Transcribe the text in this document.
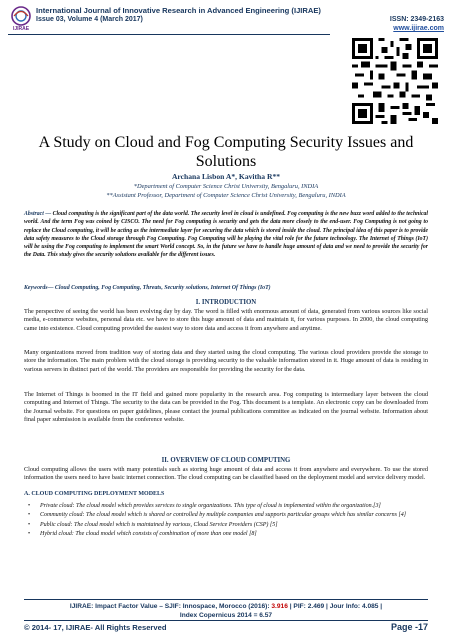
IJIRAE
International Journal of Innovative Research in Advanced Engineering (IJIRAE)
Issue 03, Volume 4 (March 2017)	ISSN: 2349-2163
www.ijirae.com
A Study on Cloud and Fog Computing Security Issues and Solutions
Archana Lisbon A*, Kavitha R**
*Department of Computer Science Christ University, Bengaluru, INDIA
**Assistant Professor, Department of Computer Science Christ University, Bengaluru, INDIA
Abstract — Cloud computing is the significant part of the data world. The security level in cloud is undefined. Fog computing is the new buzz word added to the technical world. And the term Fog was coined by CISCO. The need for Fog computing is security and gets the data more closely to the end-user. Fog Computing is not going to replace the Cloud computing, it will be acting as the intermediate layer for securing the data which is stored inside the cloud. The principal idea of this paper is to provide data safety measures to the Cloud storage through Fog Computing. Fog Computing will be playing the vital role for the future technology. The Internet of Things (IoT) will be using the Fog computing to implement the smart World concept. So, in the future we have to handle huge amount of data and we need to provide the security for the Data. This study gives the security solutions available for the different issues.
Keywords— Cloud Computing, Fog Computing, Threats, Security solutions, Internet Of Things (IoT)
I. INTRODUCTION

The perspective of seeing the world has been evolving day by day. The word is filled with enormous amount of data, generated from various sources like social media, e-commerce websites, personal data etc. we have to store this huge amount of data and maintain it, for various purposes. In 2000, the cloud computing came into existence. Cloud computing provided the easiest way to store data and access it from anywhere and anytime.

Many organizations moved from tradition way of storing data and they started using the cloud computing. The various cloud providers provide the storage to store the information. The main problem with the cloud storage is providing security to the valuable information stored in it. Huge amount of data is residing in various servers in distinct part of the world. The providers are responsible for providing the security for the data.

The Internet of Things is boomed in the IT field and gained more popularity in the research area. Fog computing is intermediary layer between the cloud computing and Internet of Things. The security to the data can be provided in the Fog. This document is a template. An electronic copy can be downloaded from the Journal website. For questions on paper guidelines, please contact the journal publications committee as indicated on the journal website. Information about final paper submission is available from the conference website.

II. OVERVIEW OF CLOUD COMPUTING

Cloud computing allows the users with many potentials such as storing huge amount of data and access it from anywhere and everywhere. To use the stored information the users need to have basic internet connection. The cloud computing can be classified based on the deployment model and service delivery model.

A. CLOUD COMPUTING DEPLOYMENT MODELS
• Private cloud: The cloud model which provides services to single organizations. This type of cloud is implemented within the organization.[3]
• Community cloud: The cloud model which is shared or controlled by multiple companies and supports particular groups which has similar concerns [4]
• Public cloud: The cloud model which is maintained by various, Cloud Service Providers (CSP) [5]
• Hybrid cloud: The cloud model which consists of combination of more than one model [8]
IJIRAE: Impact Factor Value – SJIF: Innospace, Morocco (2016): 3.916 | PIF: 2.469 | Jour Info: 4.085 |
Index Copernicus 2014 = 6.57
© 2014- 17, IJIRAE- All Rights Reserved	Page -17
